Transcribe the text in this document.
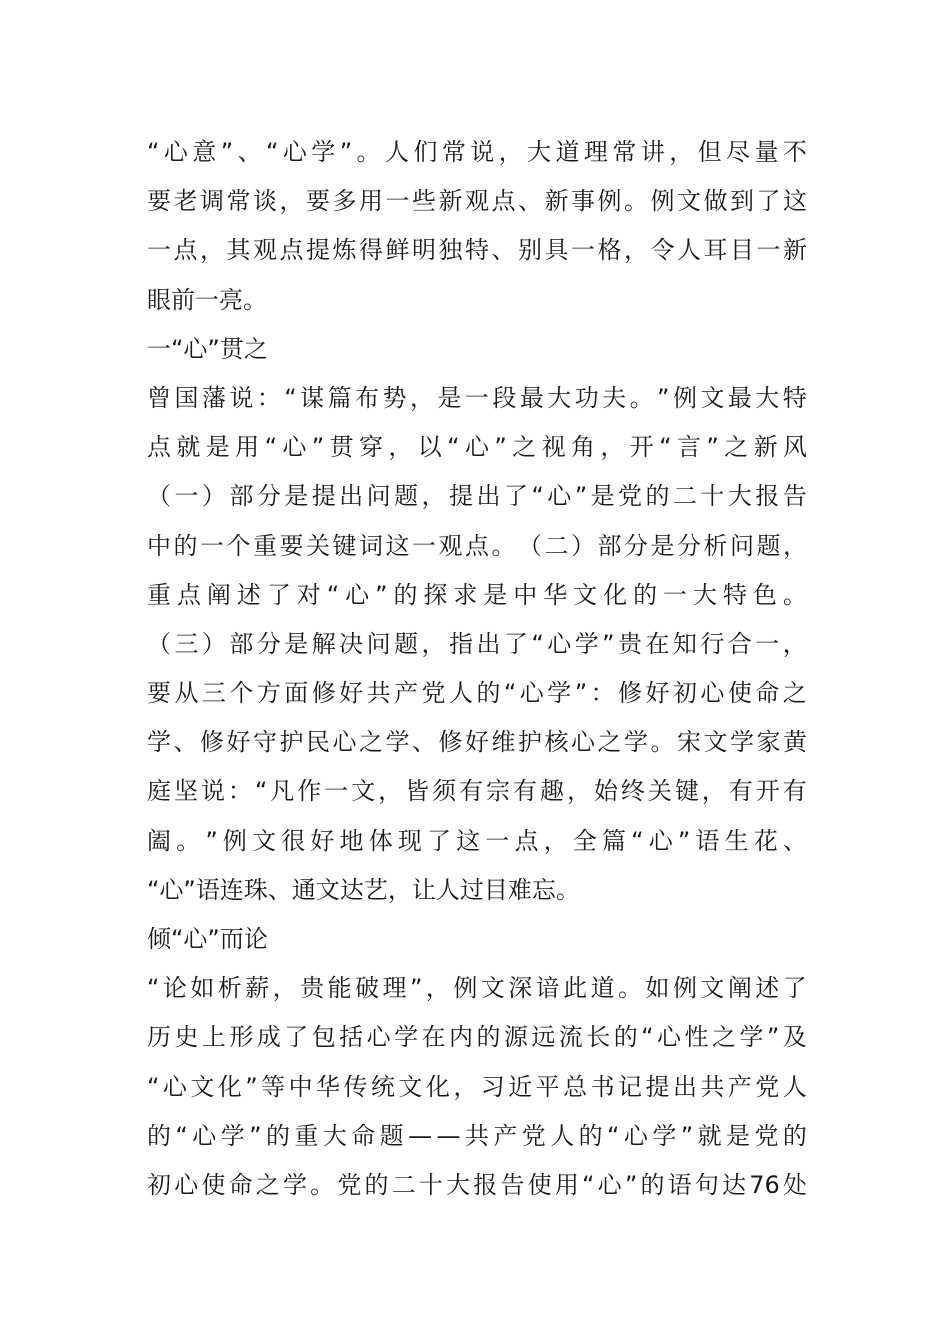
“ 心 意 ” 、 “ 心 学 ” 。 人 们 常 说 ， 大 道 理 常 讲 ， 但 尽 量 不
要 老 调 常 谈 ， 要 多 用 一 些 新 观 点 、 新 事 例 。 例 文 做 到 了 这
一 点 ， 其 观 点 提 炼 得 鲜 明 独 特 、 别 具 一 格 ， 令 人 耳 目 一 新
眼前一亮。
一“心”贯之
曾 国 藩 说 ： “ 谋 篇 布 势 ， 是 一 段 最 大 功 夫 。 ” 例 文 最 大 特
点 就 是 用 “ 心 ” 贯 穿 ， 以 “ 心 ” 之 视 角 ， 开 “ 言 ” 之 新 风
（ 一 ） 部 分 是 提 出 问 题 ， 提 出 了 “ 心 ” 是 党 的 二 十 大 报 告
中 的 一 个 重 要 关 键 词 这 一 观 点 。 （ 二 ） 部 分 是 分 析 问 题 ，
重 点 阐 述 了 对 “ 心 ” 的 探 求 是 中 华 文 化 的 一 大 特 色 。
（ 三 ） 部 分 是 解 决 问 题 ， 指 出 了 “ 心 学 ” 贵 在 知 行 合 一 ，
要 从 三 个 方 面 修 好 共 产 党 人 的 “ 心 学 ” ： 修 好 初 心 使 命 之
学 、 修 好 守 护 民 心 之 学 、 修 好 维 护 核 心 之 学 。 宋 文 学 家 黄
庭 坚 说 ： “ 凡 作 一 文 ， 皆 须 有 宗 有 趣 ， 始 终 关 键 ， 有 开 有
阖 。 ” 例 文 很 好 地 体 现 了 这 一 点 ， 全 篇 “ 心 ” 语 生 花 、
“心”语连珠、通文达艺，让人过目难忘。
倾“心”而论
“ 论 如 析 薪 ， 贵 能 破 理 ” ， 例 文 深 谙 此 道 。 如 例 文 阐 述 了
历 史 上 形 成 了 包 括 心 学 在 内 的 源 远 流 长 的 “ 心 性 之 学 ” 及
“ 心 文 化 ” 等 中 华 传 统 文 化 ， 习 近 平 总 书 记 提 出 共 产 党 人
的 “ 心 学 ” 的 重 大 命 题 — — 共 产 党 人 的 “ 心 学 ” 就 是 党 的
初 心 使 命 之 学 。 党 的 二 十 大 报 告 使 用 “ 心 ” 的 语 句 达 76 处
